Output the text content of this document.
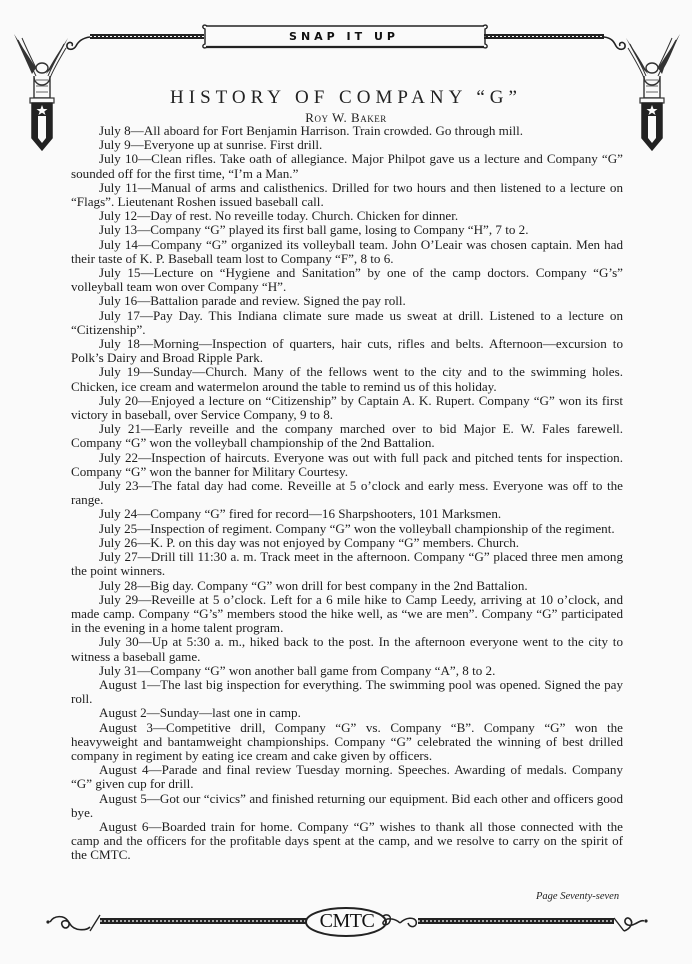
SNAP IT UP
HISTORY OF COMPANY “G”
Roy W. Baker

July 8—All aboard for Fort Benjamin Harrison. Train crowded. Go through mill.

July 9—Everyone up at sunrise. First drill.

July 10—Clean rifles. Take oath of allegiance. Major Philpot gave us a lecture and Company “G” sounded off for the first time, “I’m a Man.”

July 11—Manual of arms and calisthenics. Drilled for two hours and then listened to a lecture on “Flags”. Lieutenant Roshen issued baseball call.

July 12—Day of rest. No reveille today. Church. Chicken for dinner.

July 13—Company “G” played its first ball game, losing to Company “H”, 7 to 2.

July 14—Company “G” organized its volleyball team. John O’Leair was chosen captain. Men had their taste of K. P. Baseball team lost to Company “F”, 8 to 6.

July 15—Lecture on “Hygiene and Sanitation” by one of the camp doctors. Company “G’s” volleyball team won over Company “H”.

July 16—Battalion parade and review. Signed the pay roll.

July 17—Pay Day. This Indiana climate sure made us sweat at drill. Listened to a lecture on “Citizenship”.

July 18—Morning—Inspection of quarters, hair cuts, rifles and belts. Afternoon—excursion to Polk’s Dairy and Broad Ripple Park.

July 19—Sunday—Church. Many of the fellows went to the city and to the swimming holes. Chicken, ice cream and watermelon around the table to remind us of this holiday.

July 20—Enjoyed a lecture on “Citizenship” by Captain A. K. Rupert. Company “G” won its first victory in baseball, over Service Company, 9 to 8.

July 21—Early reveille and the company marched over to bid Major E. W. Fales farewell. Company “G” won the volleyball championship of the 2nd Battalion.

July 22—Inspection of haircuts. Everyone was out with full pack and pitched tents for inspection. Company “G” won the banner for Military Courtesy.

July 23—The fatal day had come. Reveille at 5 o’clock and early mess. Everyone was off to the range.

July 24—Company “G” fired for record—16 Sharpshooters, 101 Marksmen.

July 25—Inspection of regiment. Company “G” won the volleyball championship of the regiment.

July 26—K. P. on this day was not enjoyed by Company “G” members. Church.

July 27—Drill till 11:30 a. m. Track meet in the afternoon. Company “G” placed three men among the point winners.

July 28—Big day. Company “G” won drill for best company in the 2nd Battalion.

July 29—Reveille at 5 o’clock. Left for a 6 mile hike to Camp Leedy, arriving at 10 o’clock, and made camp. Company “G’s” members stood the hike well, as “we are men”. Company “G” participated in the evening in a home talent program.

July 30—Up at 5:30 a. m., hiked back to the post. In the afternoon everyone went to the city to witness a baseball game.

July 31—Company “G” won another ball game from Company “A”, 8 to 2.

August 1—The last big inspection for everything. The swimming pool was opened. Signed the pay roll.

August 2—Sunday—last one in camp.

August 3—Competitive drill, Company “G” vs. Company “B”. Company “G” won the heavyweight and bantamweight championships. Company “G” celebrated the winning of best drilled company in regiment by eating ice cream and cake given by officers.

August 4—Parade and final review Tuesday morning. Speeches. Awarding of medals. Company “G” given cup for drill.

August 5—Got our “civics” and finished returning our equipment. Bid each other and officers good bye.

August 6—Boarded train for home. Company “G” wishes to thank all those connected with the camp and the officers for the profitable days spent at the camp, and we resolve to carry on the spirit of the CMTC.

Page Seventy-seven
CMTC
